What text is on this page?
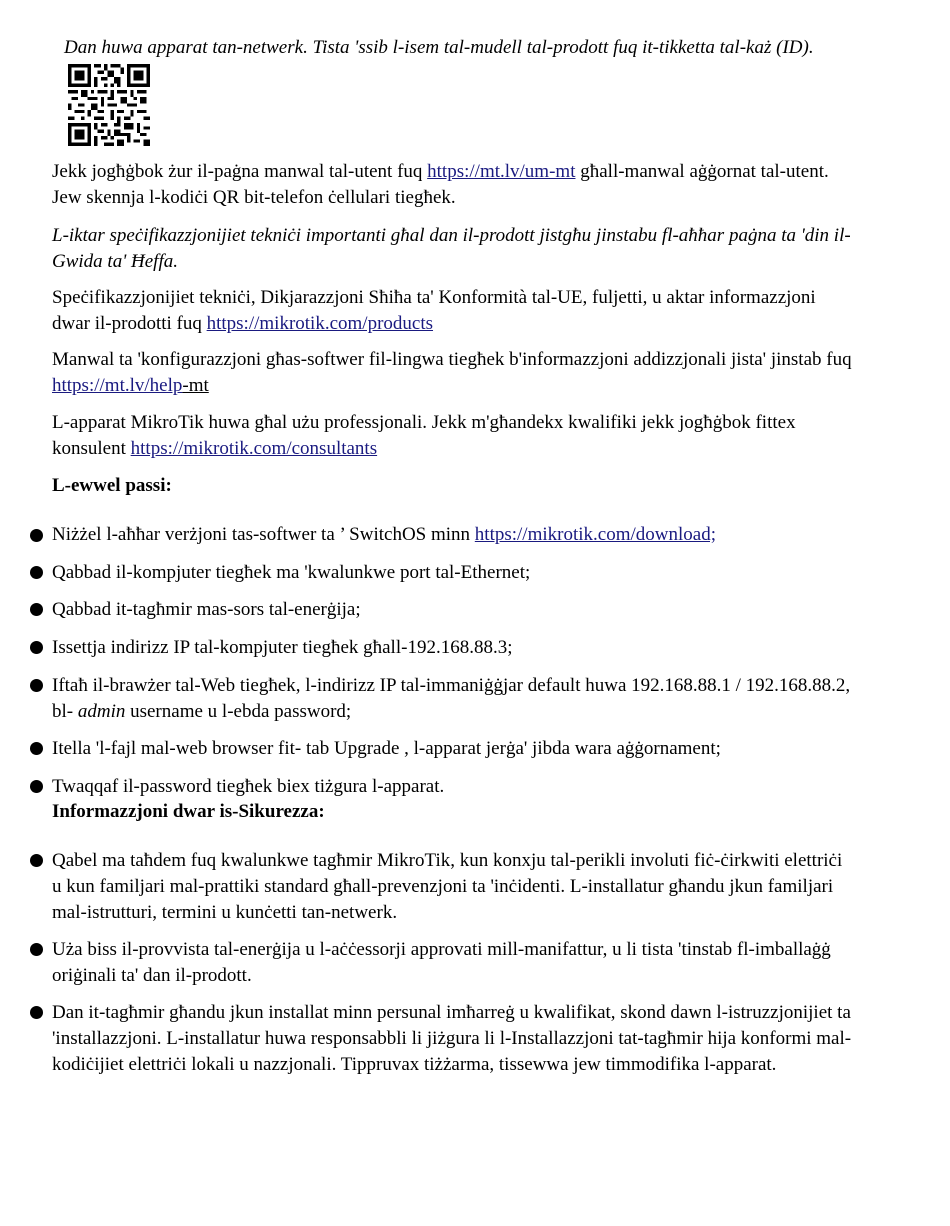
Dan huwa apparat tan-netwerk. Tista 'ssib l-isem tal-mudell tal-prodott fuq it-tikketta tal-każ (ID).

Jekk jogħġbok żur il-paġna manwal tal-utent fuq https://mt.lv/um-mt għall-manwal aġġornat tal-utent. Jew skennja l-kodiċi QR bit-telefon ċellulari tiegħek.

L-iktar speċifikazzjonijiet tekniċi importanti għal dan il-prodott jistgħu jinstabu fl-aħħar paġna ta 'din il-Gwida ta' Ħeffa.

Speċifikazzjonijiet tekniċi, Dikjarazzjoni Sħiħa ta' Konformità tal-UE, fuljetti, u aktar informazzjoni dwar il-prodotti fuq https://mikrotik.com/products

Manwal ta 'konfigurazzjoni għas-softwer fil-lingwa tiegħek b'informazzjoni addizzjonali jista' jinstab fuq https://mt.lv/help-mt

L-apparat MikroTik huwa għal użu professjonali. Jekk m'għandekx kwalifiki jekk jogħġbok fittex konsulent https://mikrotik.com/consultants

L-ewwel passi:
Niżżel l-aħħar verżjoni tas-softwer ta ’ SwitchOS minn https://mikrotik.com/download;
Qabbad il-kompjuter tiegħek ma 'kwalunkwe port tal-Ethernet;
Qabbad it-tagħmir mas-sors tal-enerġija;
Issettja indirizz IP tal-kompjuter tiegħek għall-192.168.88.3;
Iftaħ il-brawżer tal-Web tiegħek, l-indirizz IP tal-immaniġġjar default huwa 192.168.88.1 / 192.168.88.2, bl- admin username u l-ebda password;
Itella 'l-fajl mal-web browser fit- tab Upgrade , l-apparat jerġa' jibda wara aġġornament;
Twaqqaf il-password tiegħek biex tiżgura l-apparat.
Informazzjoni dwar is-Sikurezza:
Qabel ma taħdem fuq kwalunkwe tagħmir MikroTik, kun konxju tal-perikli involuti fiċ-ċirkwiti elettriċi u kun familjari mal-prattiki standard għall-prevenzjoni ta 'inċidenti. L-installatur għandu jkun familjari mal-istrutturi, termini u kunċetti tan-netwerk.
Uża biss il-provvista tal-enerġija u l-aċċessorji approvati mill-manifattur, u li tista 'tinstab fl-imballaġġ oriġinali ta' dan il-prodott.
Dan it-tagħmir għandu jkun installat minn persunal imħarreġ u kwalifikat, skond dawn l-istruzzjonijiet ta 'installazzjoni. L-installatur huwa responsabbli li jiżgura li l-Installazzjoni tat-tagħmir hija konformi mal-kodiċijiet elettriċi lokali u nazzjonali. Tippruvax tiżżarma, tissewwa jew timmodifika l-apparat.
